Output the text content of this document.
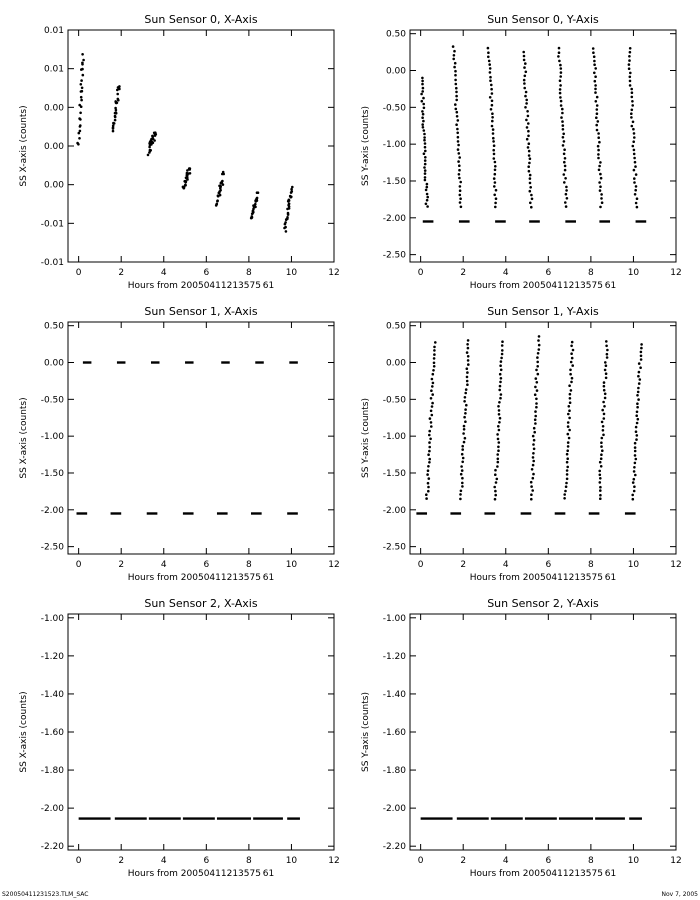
Sun Sensor 0, X-Axis
0	2	4	6	8	10	12
-0.01
-0.01
0.00
0.00
0.00
0.01
0.01
Hours from 20050411213575 61
SS X-axis (counts)
Sun Sensor 0, Y-Axis
0	2	4	6	8	10	12
-2.50
-2.00
-1.50
-1.00
-0.50
0.00
0.50
Hours from 20050411213575 61
SS Y-axis (counts)
Sun Sensor 1, X-Axis
0	2	4	6	8	10	12
-2.50
-2.00
-1.50
-1.00
-0.50
0.00
0.50
Hours from 20050411213575 61
SS X-axis (counts)
Sun Sensor 1, Y-Axis
0	2	4	6	8	10	12
-2.50
-2.00
-1.50
-1.00
-0.50
0.00
0.50
Hours from 20050411213575 61
SS Y-axis (counts)
Sun Sensor 2, X-Axis
0	2	4	6	8	10	12
-2.20
-2.00
-1.80
-1.60
-1.40
-1.20
-1.00
Hours from 20050411213575 61
SS X-axis (counts)
Sun Sensor 2, Y-Axis
0	2	4	6	8	10	12
-2.20
-2.00
-1.80
-1.60
-1.40
-1.20
-1.00
Hours from 20050411213575 61
SS Y-axis (counts)
S20050411231523.TLM_SAC	Nov 7, 2005
